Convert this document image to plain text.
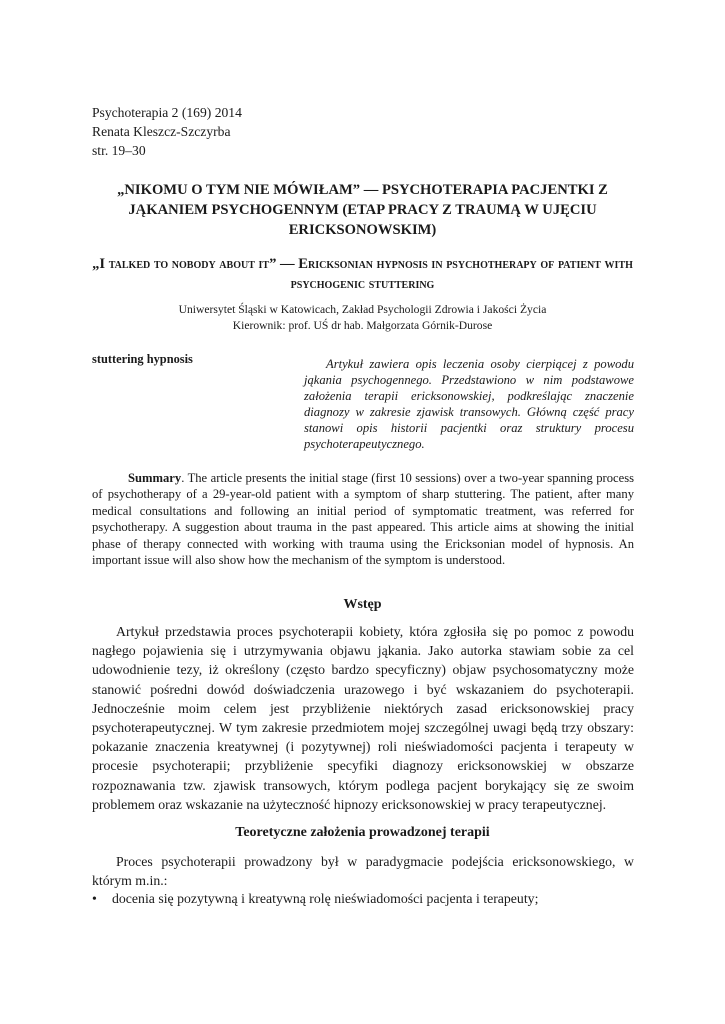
Psychoterapia 2 (169) 2014
Renata Kleszcz-Szczyrba
str. 19–30
„NIKOMU O TYM NIE MÓWIŁAM” — PSYCHOTERAPIA PACJENTKI Z JĄKANIEM PSYCHOGENNYM (ETAP PRACY Z TRAUMĄ W UJĘCIU ERICKSONOWSKIM)
„I talked to nobody about it” — Ericksonian hypnosis in psychotherapy of patient with psychogenic stuttering
Uniwersytet Śląski w Katowicach, Zakład Psychologii Zdrowia i Jakości Życia
Kierownik: prof. UŚ dr hab. Małgorzata Górnik-Durose
stuttering hypnosis	Artykuł zawiera opis leczenia osoby cierpiącej z powodu jąkania psychogennego. Przedstawiono w nim podstawowe założenia terapii ericksonowskiej, podkreślając znaczenie diagnozy w zakresie zjawisk transowych. Główną część pracy stanowi opis historii pacjentki oraz struktury procesu psychoterapeutycznego.
Summary. The article presents the initial stage (first 10 sessions) over a two-year spanning process of psychotherapy of a 29-year-old patient with a symptom of sharp stuttering. The patient, after many medical consultations and following an initial period of symptomatic treatment, was referred for psychotherapy. A suggestion about trauma in the past appeared. This article aims at showing the initial phase of therapy connected with working with trauma using the Ericksonian model of hypnosis. An important issue will also show how the mechanism of the symptom is understood.
Wstęp
Artykuł przedstawia proces psychoterapii kobiety, która zgłosiła się po pomoc z powodu nagłego pojawienia się i utrzymywania objawu jąkania. Jako autorka stawiam sobie za cel udowodnienie tezy, iż określony (często bardzo specyficzny) objaw psychosomatyczny może stanowić pośredni dowód doświadczenia urazowego i być wskazaniem do psychoterapii. Jednocześnie moim celem jest przybliżenie niektórych zasad ericksonowskiej pracy psychoterapeutycznej. W tym zakresie przedmiotem mojej szczególnej uwagi będą trzy obszary: pokazanie znaczenia kreatywnej (i pozytywnej) roli nieświadomości pacjenta i terapeuty w procesie psychoterapii; przybliżenie specyfiki diagnozy ericksonowskiej w obszarze rozpoznawania tzw. zjawisk transowych, którym podlega pacjent borykający się ze swoim problemem oraz wskazanie na użyteczność hipnozy ericksonowskiej w pracy terapeutycznej.
Teoretyczne założenia prowadzonej terapii
Proces psychoterapii prowadzony był w paradygmacie podejścia ericksonowskiego, w którym m.in.:
• docenia się pozytywną i kreatywną rolę nieświadomości pacjenta i terapeuty;
